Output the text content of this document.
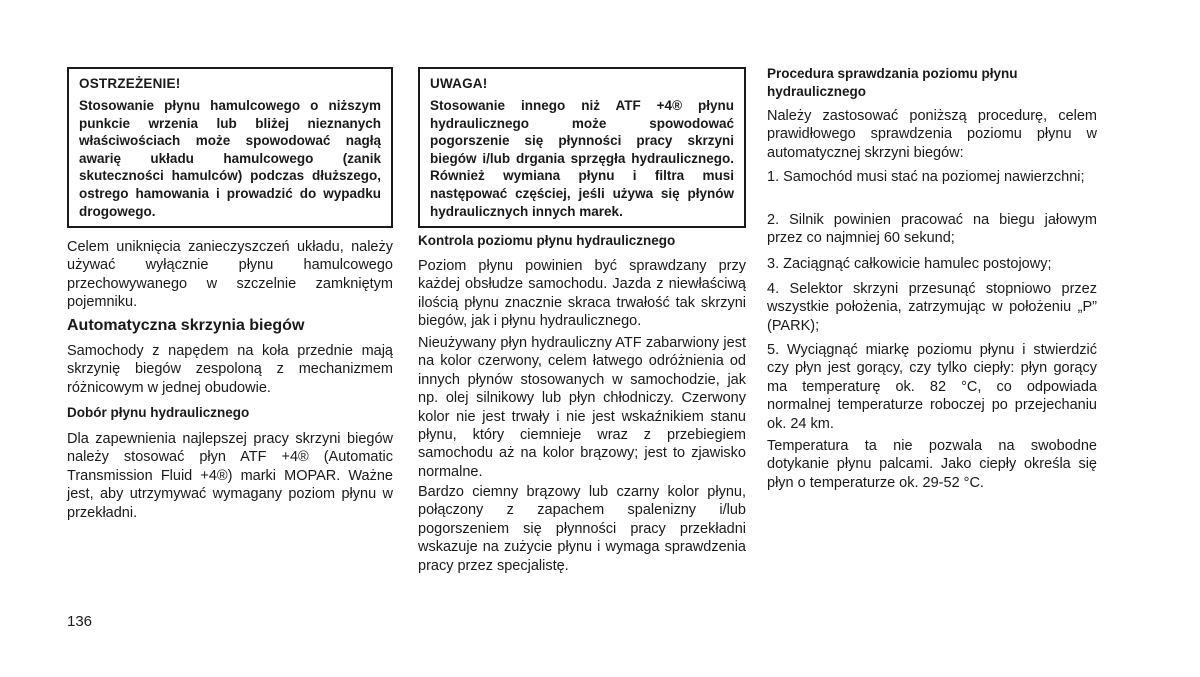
OSTRZEŻENIE!
Stosowanie płynu hamulcowego o niższym punkcie wrzenia lub bliżej nieznanych właściwościach może spowodować nagłą awarię układu hamulcowego (zanik skuteczności hamulców) podczas dłuższego, ostrego hamowania i prowadzić do wypadku drogowego.
Celem uniknięcia zanieczyszczeń układu, należy używać wyłącznie płynu hamulcowego przechowywanego w szczelnie zamkniętym pojemniku.
Automatyczna skrzynia biegów
Samochody z napędem na koła przednie mają skrzynię biegów zespoloną z mechanizmem różnicowym w jednej obudowie.
Dobór płynu hydraulicznego
Dla zapewnienia najlepszej pracy skrzyni biegów należy stosować płyn ATF +4® (Automatic Transmission Fluid +4®) marki MOPAR. Ważne jest, aby utrzymywać wymagany poziom płynu w przekładni.
UWAGA!
Stosowanie innego niż ATF +4® płynu hydraulicznego może spowodować pogorszenie się płynności pracy skrzyni biegów i/lub drgania sprzęgła hydraulicznego. Również wymiana płynu i filtra musi następować częściej, jeśli używa się płynów hydraulicznych innych marek.
Kontrola poziomu płynu hydraulicznego
Poziom płynu powinien być sprawdzany przy każdej obsłudze samochodu. Jazda z niewłaściwą ilością płynu znacznie skraca trwałość tak skrzyni biegów, jak i płynu hydraulicznego.
Nieużywany płyn hydrauliczny ATF zabarwiony jest na kolor czerwony, celem łatwego odróżnienia od innych płynów stosowanych w samochodzie, jak np. olej silnikowy lub płyn chłodniczy. Czerwony kolor nie jest trwały i nie jest wskaźnikiem stanu płynu, który ciemnieje wraz z przebiegiem samochodu aż na kolor brązowy; jest to zjawisko normalne.
Bardzo ciemny brązowy lub czarny kolor płynu, połączony z zapachem spalenizny i/lub pogorszeniem się płynności pracy przekładni wskazuje na zużycie płynu i wymaga sprawdzenia pracy przez specjalistę.
Procedura sprawdzania poziomu płynu hydraulicznego
Należy zastosować poniższą procedurę, celem prawidłowego sprawdzenia poziomu płynu w automatycznej skrzyni biegów:
1. Samochód musi stać na poziomej nawierzchni;
2. Silnik powinien pracować na biegu jałowym przez co najmniej 60 sekund;
3. Zaciągnąć całkowicie hamulec postojowy;
4. Selektor skrzyni przesunąć stopniowo przez wszystkie położenia, zatrzymując w położeniu „P” (PARK);
5. Wyciągnąć miarkę poziomu płynu i stwierdzić czy płyn jest gorący, czy tylko ciepły: płyn gorący ma temperaturę ok. 82 °C, co odpowiada normalnej temperaturze roboczej po przejechaniu ok. 24 km.
Temperatura ta nie pozwala na swobodne dotykanie płynu palcami. Jako ciepły określa się płyn o temperaturze ok. 29-52 °C.
136
